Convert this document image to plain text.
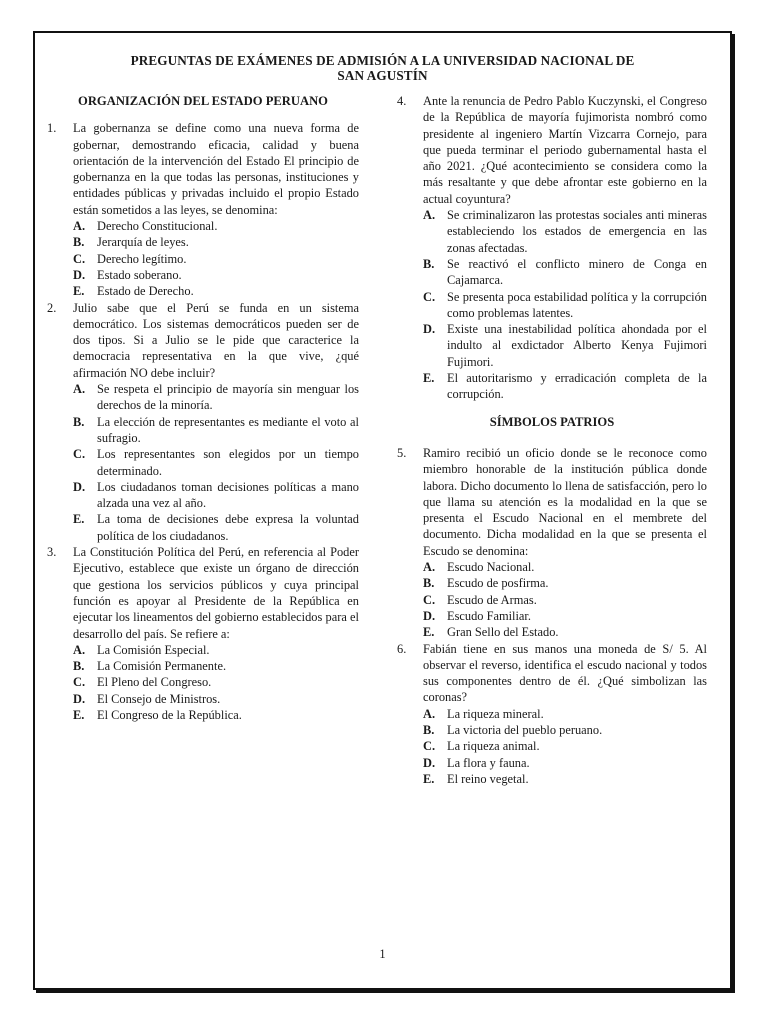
PREGUNTAS DE EXÁMENES DE ADMISIÓN A LA UNIVERSIDAD NACIONAL DE
SAN AGUSTÍN
ORGANIZACIÓN DEL ESTADO PERUANO
1.	La gobernanza se define como una nueva forma de gobernar, demostrando eficacia, calidad y buena orientación de la intervención del Estado El principio de gobernanza en la que todas las personas, instituciones y entidades públicas y privadas incluido el propio Estado están sometidos a las leyes, se denomina:
A. Derecho Constitucional.
B.	Jerarquía de leyes.
C. Derecho legítimo.
D. Estado soberano.
E.	Estado de Derecho.
2.	Julio sabe que el Perú se funda en un sistema democrático. Los sistemas democráticos pueden ser de dos tipos. Si a Julio se le pide que caracterice la democracia representativa en la que vive, ¿qué afirmación NO debe incluir?
A. Se respeta el principio de mayoría sin menguar los derechos de la minoría.
B.	La elección de representantes es mediante el voto al sufragio.
C. Los representantes son elegidos por un tiempo determinado.
D. Los ciudadanos toman decisiones políticas a mano alzada una vez al año.
E.	La toma de decisiones debe expresa la voluntad política de los ciudadanos.
3.	La Constitución Política del Perú, en referencia al Poder Ejecutivo, establece que existe un órgano de dirección que gestiona los servicios públicos y cuya principal función es apoyar al Presidente de la República en ejecutar los lineamentos del gobierno establecidos para el desarrollo del país. Se refiere a:
A. La Comisión Especial.
B.	La Comisión Permanente.
C. El Pleno del Congreso.
D. El Consejo de Ministros.
E.	El Congreso de la República.
4.	Ante la renuncia de Pedro Pablo Kuczynski, el Congreso de la República de mayoría fujimorista nombró como presidente al ingeniero Martín Vizcarra Cornejo, para que pueda terminar el periodo gubernamental hasta el año 2021. ¿Qué acontecimiento se considera como la más resaltante y que debe afrontar este gobierno en la actual coyuntura?
A. Se criminalizaron las protestas sociales anti mineras estableciendo los estados de emergencia en las zonas afectadas.
B.	Se reactivó el conflicto minero de Conga en Cajamarca.
C. Se presenta poca estabilidad política y la corrupción como problemas latentes.
D. Existe una inestabilidad política ahondada por el indulto al exdictador Alberto Kenya Fujimori Fujimori.
E.	El autoritarismo y erradicación completa de la corrupción.
SÍMBOLOS PATRIOS
5.	Ramiro recibió un oficio donde se le reconoce como miembro honorable de la institución pública donde labora. Dicho documento lo llena de satisfacción, pero lo que llama su atención es la modalidad en la que se presenta el Escudo Nacional en el membrete del documento. Dicha modalidad en la que se presenta el Escudo se denomina:
A. Escudo Nacional.
B.	Escudo de posfirma.
C. Escudo de Armas.
D. Escudo Familiar.
E.	Gran Sello del Estado.
6.	Fabián tiene en sus manos una moneda de S/ 5. Al observar el reverso, identifica el escudo nacional y todos sus componentes dentro de él. ¿Qué simbolizan las coronas?
A. La riqueza mineral.
B.	La victoria del pueblo peruano.
C. La riqueza animal.
D. La flora y fauna.
E.	El reino vegetal.
1
